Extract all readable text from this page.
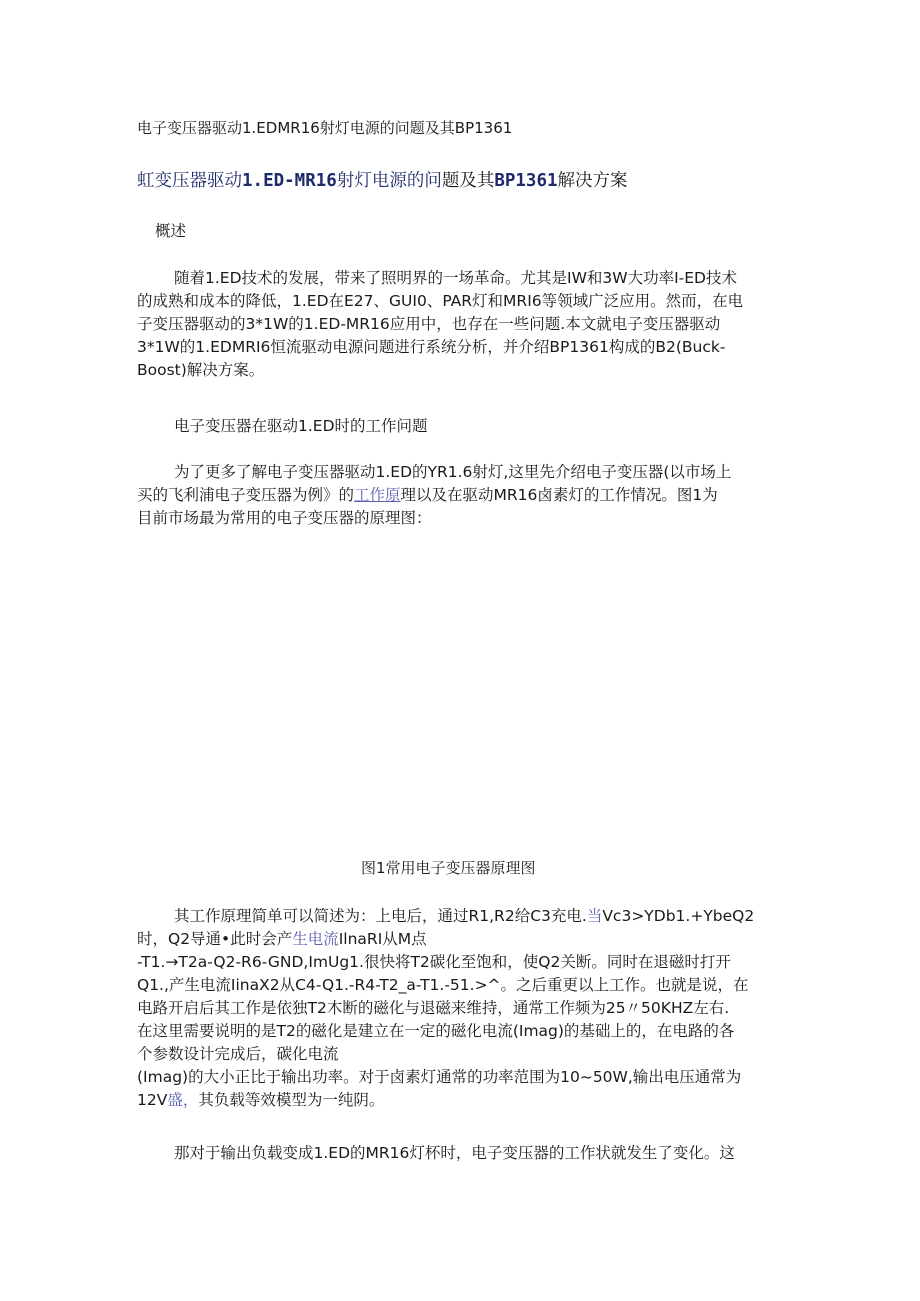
电子变压器驱动1.EDMR16射灯电源的问题及其BP1361
虹变压器驱动1.ED-MR16射灯电源的问题及其BP1361解决方案
概述
随着1.ED技术的发展，带来了照明界的一场革命。尤其是IW和3W大功率I-ED技术
的成熟和成本的降低，1.ED在E27、GUI0、PAR灯和MRI6等领域广泛应用。然而，在电
子变压器驱动的3*1W的1.ED-MR16应用中，也存在一些问题.本文就电子变压器驱动
3*1W的1.EDMRI6恒流驱动电源问题进行系统分析，并介绍BP1361构成的B2(Buck-
Boost)解决方案。
电子变压器在驱动1.ED时的工作问题
为了更多了解电子变压器驱动1.ED的YR1.6射灯,这里先介绍电子变压器(以市场上
买的飞利浦电子变压器为例》的工作原理以及在驱动MR16卤素灯的工作情况。图1为
目前市场最为常用的电子变压器的原理图：
图1常用电子变压器原理图
其工作原理简单可以简述为：上电后，通过R1,R2给C3充电.当Vc3>YDb1.+YbeQ2
时，Q2导通•此时会产生电流IlnaRI从M点
-T1.→T2a-Q2-R6-GND,ImUg1.很快将T2碳化至饱和，使Q2关断。同时在退磁时打开
Q1.,产生电流IinaX2从C4-Q1.-R4-T2_a-T1.-51.>^。之后重更以上工作。也就是说，在
电路开启后其工作是依独T2木断的磁化与退磁来维持，通常工作频为25〃50KHZ左右.
在这里需要说明的是T2的磁化是建立在一定的磁化电流(Imag)的基础上的，在电路的各
个参数设计完成后，碳化电流
(Imag)的大小正比于输出功率。对于卤素灯通常的功率范围为10~50W,输出电压通常为
12V盛，其负载等效模型为一纯阴。
那对于输出负载变成1.ED的MR16灯杯时，电子变压器的工作状就发生了变化。这
